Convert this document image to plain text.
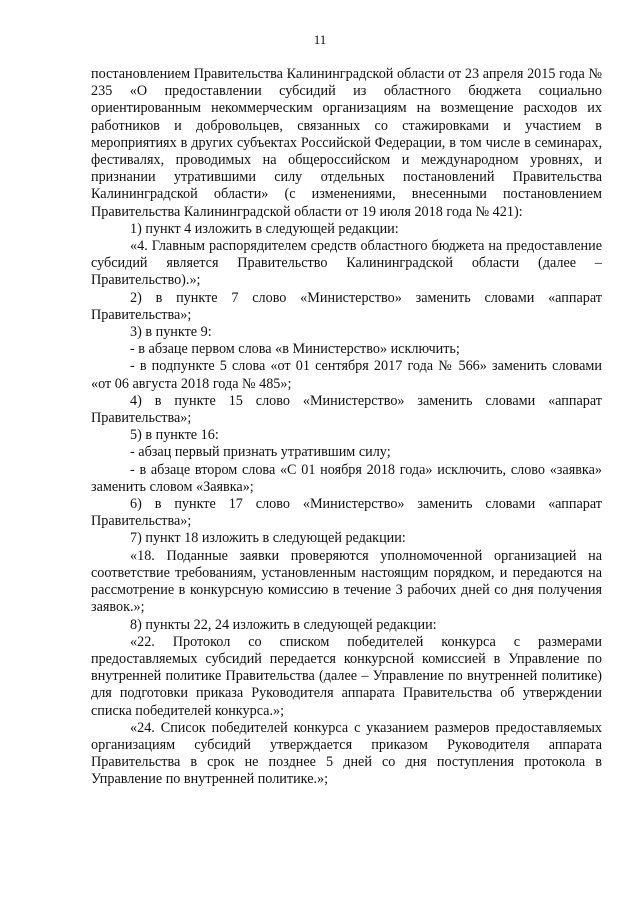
11

постановлением Правительства Калининградской области от 23 апреля 2015 года № 235 «О предоставлении субсидий из областного бюджета социально ориентированным некоммерческим организациям на возмещение расходов их работников и добровольцев, связанных со стажировками и участием в мероприятиях в других субъектах Российской Федерации, в том числе в семинарах, фестивалях, проводимых на общероссийском и международном уровнях, и признании утратившими силу отдельных постановлений Правительства Калининградской области» (с изменениями, внесенными постановлением Правительства Калининградской области от 19 июля 2018 года № 421):

1) пункт 4 изложить в следующей редакции:

«4. Главным распорядителем средств областного бюджета на предоставление субсидий является Правительство Калининградской области (далее – Правительство).»;

2) в пункте 7 слово «Министерство» заменить словами «аппарат Правительства»;

3) в пункте 9:

- в абзаце первом слова «в Министерство» исключить;

- в подпункте 5 слова «от 01 сентября 2017 года № 566» заменить словами «от 06 августа 2018 года № 485»;

4) в пункте 15 слово «Министерство» заменить словами «аппарат Правительства»;

5) в пункте 16:

- абзац первый признать утратившим силу;

- в абзаце втором слова «С 01 ноября 2018 года» исключить, слово «заявка» заменить словом «Заявка»;

6) в пункте 17 слово «Министерство» заменить словами «аппарат Правительства»;

7) пункт 18 изложить в следующей редакции:

«18. Поданные заявки проверяются уполномоченной организацией на соответствие требованиям, установленным настоящим порядком, и передаются на рассмотрение в конкурсную комиссию в течение 3 рабочих дней со дня получения заявок.»;

8) пункты 22, 24 изложить в следующей редакции:

«22. Протокол со списком победителей конкурса с размерами предоставляемых субсидий передается конкурсной комиссией в Управление по внутренней политике Правительства (далее – Управление по внутренней политике) для подготовки приказа Руководителя аппарата Правительства об утверждении списка победителей конкурса.»;

«24. Список победителей конкурса с указанием размеров предоставляемых организациям субсидий утверждается приказом Руководителя аппарата Правительства в срок не позднее 5 дней со дня поступления протокола в Управление по внутренней политике.»;
